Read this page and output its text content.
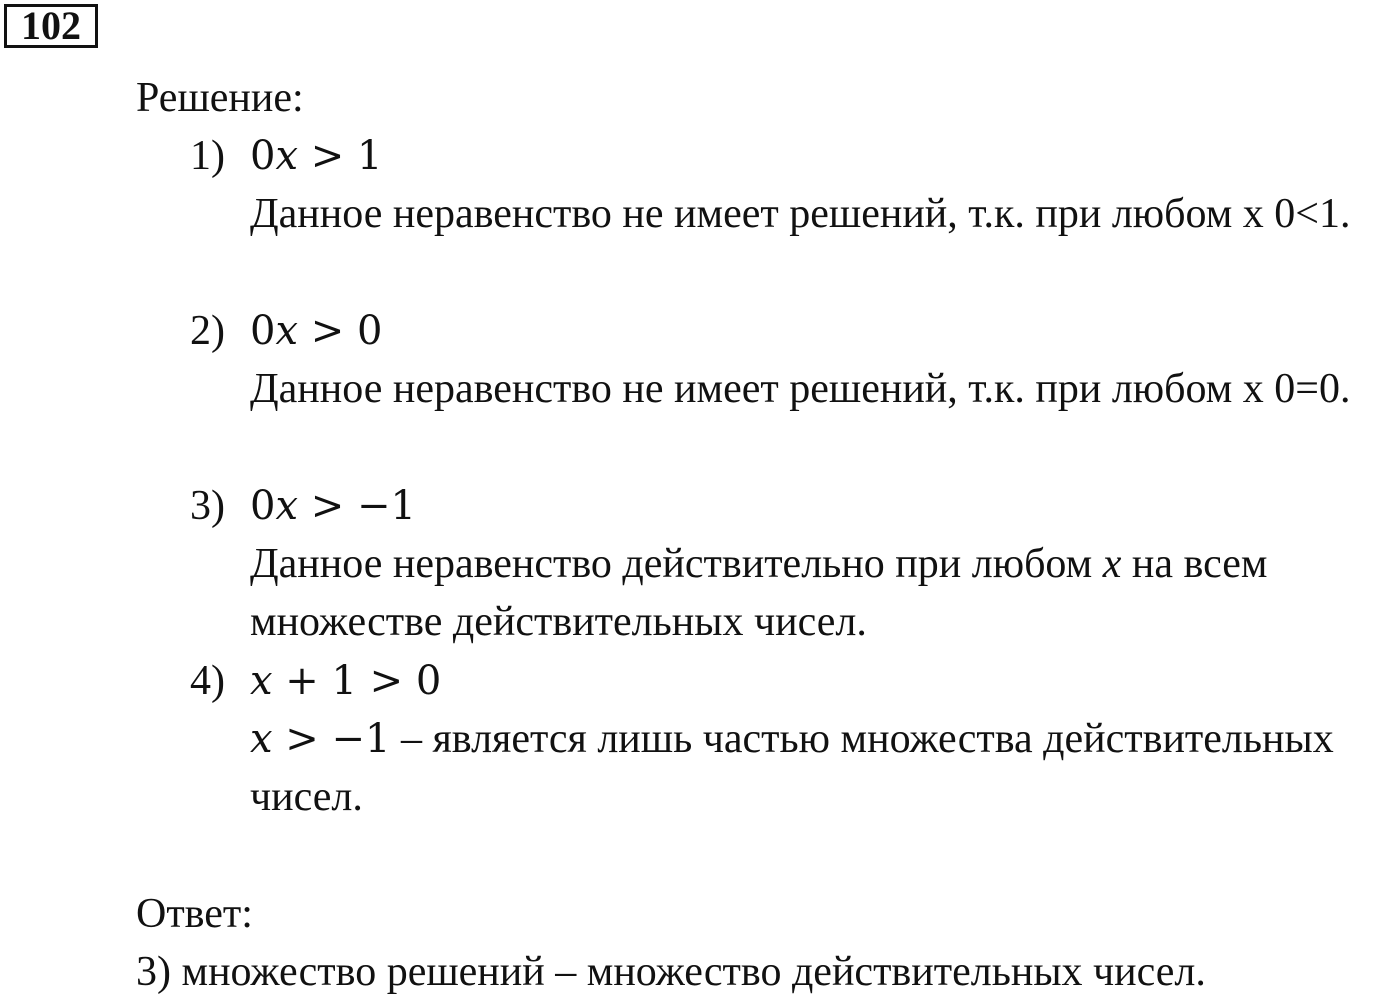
102
Решение:
1) 0x > 1
Данное неравенство не имеет решений, т.к. при любом х 0<1.
2) 0x > 0
Данное неравенство не имеет решений, т.к. при любом х 0=0.
3) 0x > −1
Данное неравенство действительно при любом x на всем
множестве действительных чисел.
4) x + 1 > 0
x > −1 – является лишь частью множества действительных
чисел.
Ответ:
3) множество решений – множество действительных чисел.
